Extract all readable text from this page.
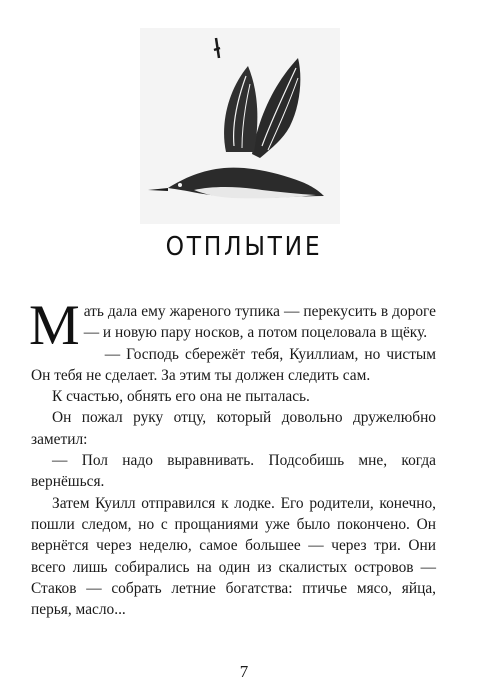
ОТПЛЫТИЕ

Мать дала ему жареного тупика — перекусить в дороге — и новую пару носков, а потом поцеловала в щёку.

— Господь сбережёт тебя, Куиллиам, но чистым Он тебя не сделает. За этим ты должен следить сам.

К счастью, обнять его она не пыталась.

Он пожал руку отцу, который довольно дружелюбно заметил:

— Пол надо выравнивать. Подсобишь мне, когда вернёшься.

Затем Куилл отправился к лодке. Его родители, конечно, пошли следом, но с прощаниями уже было покончено. Он вернётся через неделю, самое большее — через три. Они всего лишь собирались на один из скалистых островов — Стаков — собрать летние богатства: птичье мясо, яйца, перья, масло...

7
